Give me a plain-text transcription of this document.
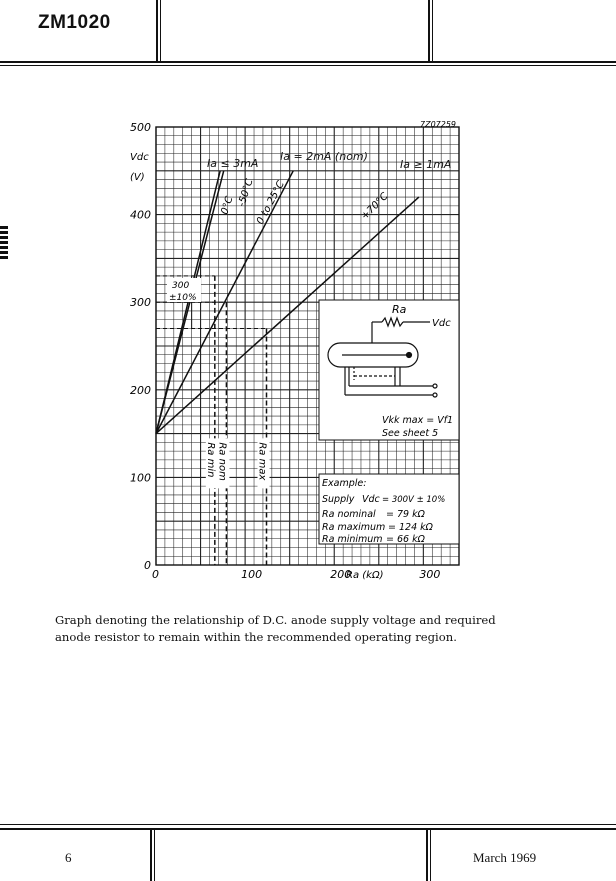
ZM1020
0
100
200
300
400
500
0	100	200	300
7Z07259
Vdc
(V)
Ia ≤ 3mA
Ia = 2mA (nom)
Ia ≥ 1mA
0°C -50°C 0 to 25°C	+70°C
300
±10%
Ra min Ra nom	Ra max
Ra
Vdc
Vkk max = Vf1
See sheet 5
Example:
Supply Vdc = 300V ± 10%
Ra nominal = 79 kΩ
Ra maximum = 124 kΩ
Ra minimum = 66 kΩ
Ra (kΩ)
Graph denoting the relationship of D.C. anode supply voltage and required
anode resistor to remain within the recommended operating region.
6	March 1969
